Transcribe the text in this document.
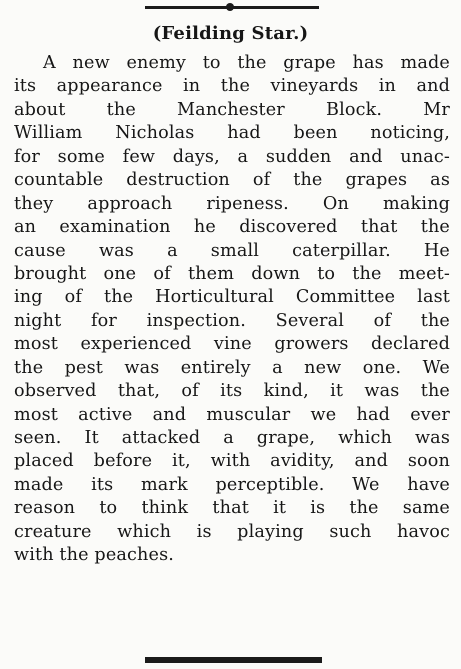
(Feilding Star.)
A new enemy to the grape has made
its appearance in the vineyards in and
about the Manchester Block. Mr
William Nicholas had been noticing,
for some few days, a sudden and unac-
countable destruction of the grapes as
they approach ripeness. On making
an examination he discovered that the
cause was a small caterpillar. He
brought one of them down to the meet-
ing of the Horticultural Committee last
night for inspection. Several of the
most experienced vine growers declared
the pest was entirely a new one. We
observed that, of its kind, it was the
most active and muscular we had ever
seen. It attacked a grape, which was
placed before it, with avidity, and soon
made its mark perceptible. We have
reason to think that it is the same
creature which is playing such havoc
with the peaches.
